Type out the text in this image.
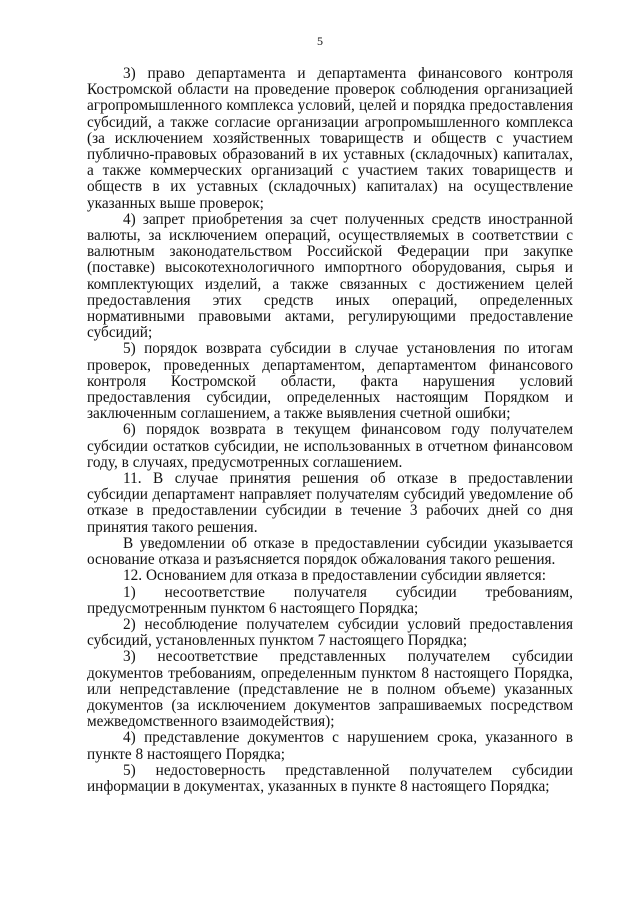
5

3) право департамента и департамента финансового контроля Костромской области на проведение проверок соблюдения организацией агропромышленного комплекса условий, целей и порядка предоставления субсидий, а также согласие организации агропромышленного комплекса (за исключением хозяйственных товариществ и обществ с участием публично-правовых образований в их уставных (складочных) капиталах, а также коммерческих организаций с участием таких товариществ и обществ в их уставных (складочных) капиталах) на осуществление указанных выше проверок;

4) запрет приобретения за счет полученных средств иностранной валюты, за исключением операций, осуществляемых в соответствии с валютным законодательством Российской Федерации при закупке (поставке) высокотехнологичного импортного оборудования, сырья и комплектующих изделий, а также связанных с достижением целей предоставления этих средств иных операций, определенных нормативными правовыми актами, регулирующими предоставление субсидий;

5) порядок возврата субсидии в случае установления по итогам проверок, проведенных департаментом, департаментом финансового контроля Костромской области, факта нарушения условий предоставления субсидии, определенных настоящим Порядком и заключенным соглашением, а также выявления счетной ошибки;

6) порядок возврата в текущем финансовом году получателем субсидии остатков субсидии, не использованных в отчетном финансовом году, в случаях, предусмотренных соглашением.

11. В случае принятия решения об отказе в предоставлении субсидии департамент направляет получателям субсидий уведомление об отказе в предоставлении субсидии в течение 3 рабочих дней со дня принятия такого решения.

В уведомлении об отказе в предоставлении субсидии указывается основание отказа и разъясняется порядок обжалования такого решения.

12. Основанием для отказа в предоставлении субсидии является:

1) несоответствие получателя субсидии требованиям, предусмотренным пунктом 6 настоящего Порядка;

2) несоблюдение получателем субсидии условий предоставления субсидий, установленных пунктом 7 настоящего Порядка;

3) несоответствие представленных получателем субсидии документов требованиям, определенным пунктом 8 настоящего Порядка, или непредставление (представление не в полном объеме) указанных документов (за исключением документов запрашиваемых посредством межведомственного взаимодействия);

4) представление документов с нарушением срока, указанного в пункте 8 настоящего Порядка;

5) недостоверность представленной получателем субсидии информации в документах, указанных в пункте 8 настоящего Порядка;
